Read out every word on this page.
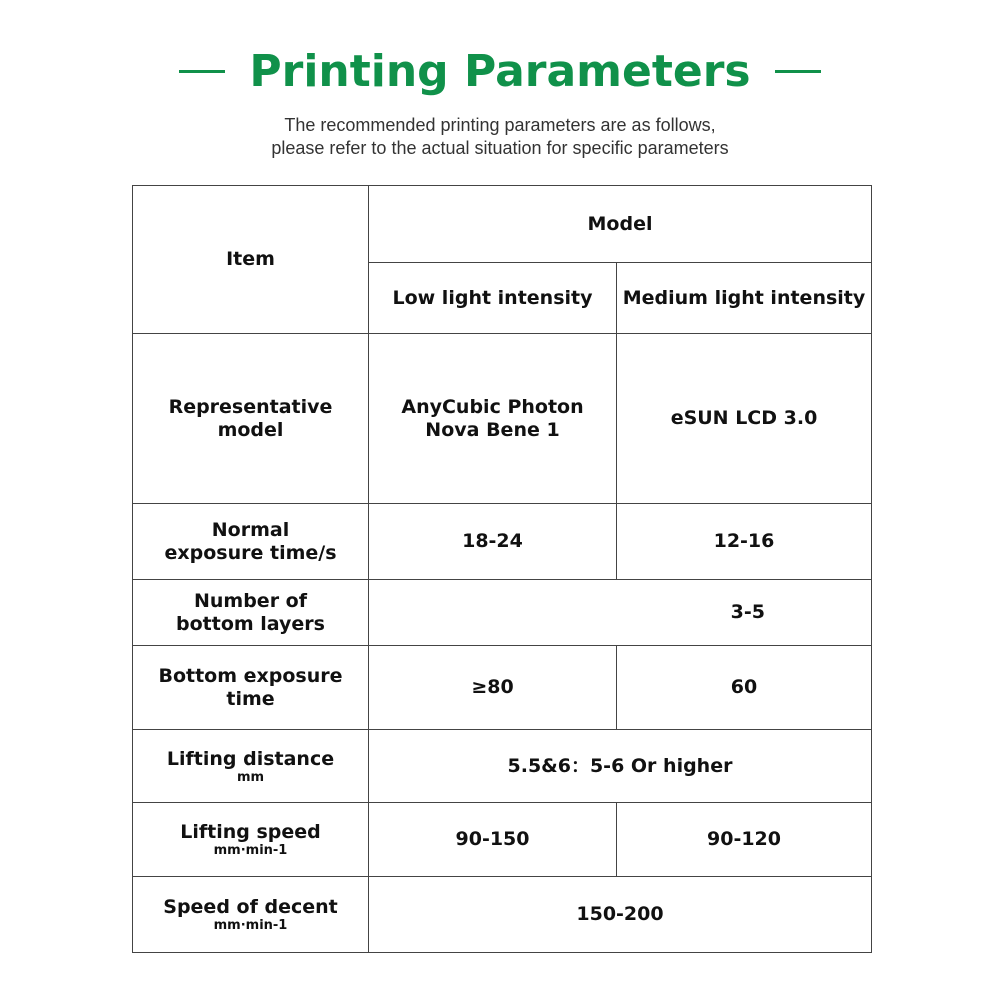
Printing Parameters
The recommended printing parameters are as follows,
please refer to the actual situation for specific parameters
Item	Model	
	Low light intensity	Medium light intensity

Representative
model	AnyCubic Photon
Nova Bene 1	eSUN LCD 3.0

Normal
exposure time/s	18-24	12-16

Number of
bottom layers	3-5	
Bottom exposure time	≥80	60

Lifting distance
mm	5.5&6：5-6 Or higher	

Lifting speed
mm·min-1	90-150	90-120

Speed of decent
mm·min-1	150-200	
